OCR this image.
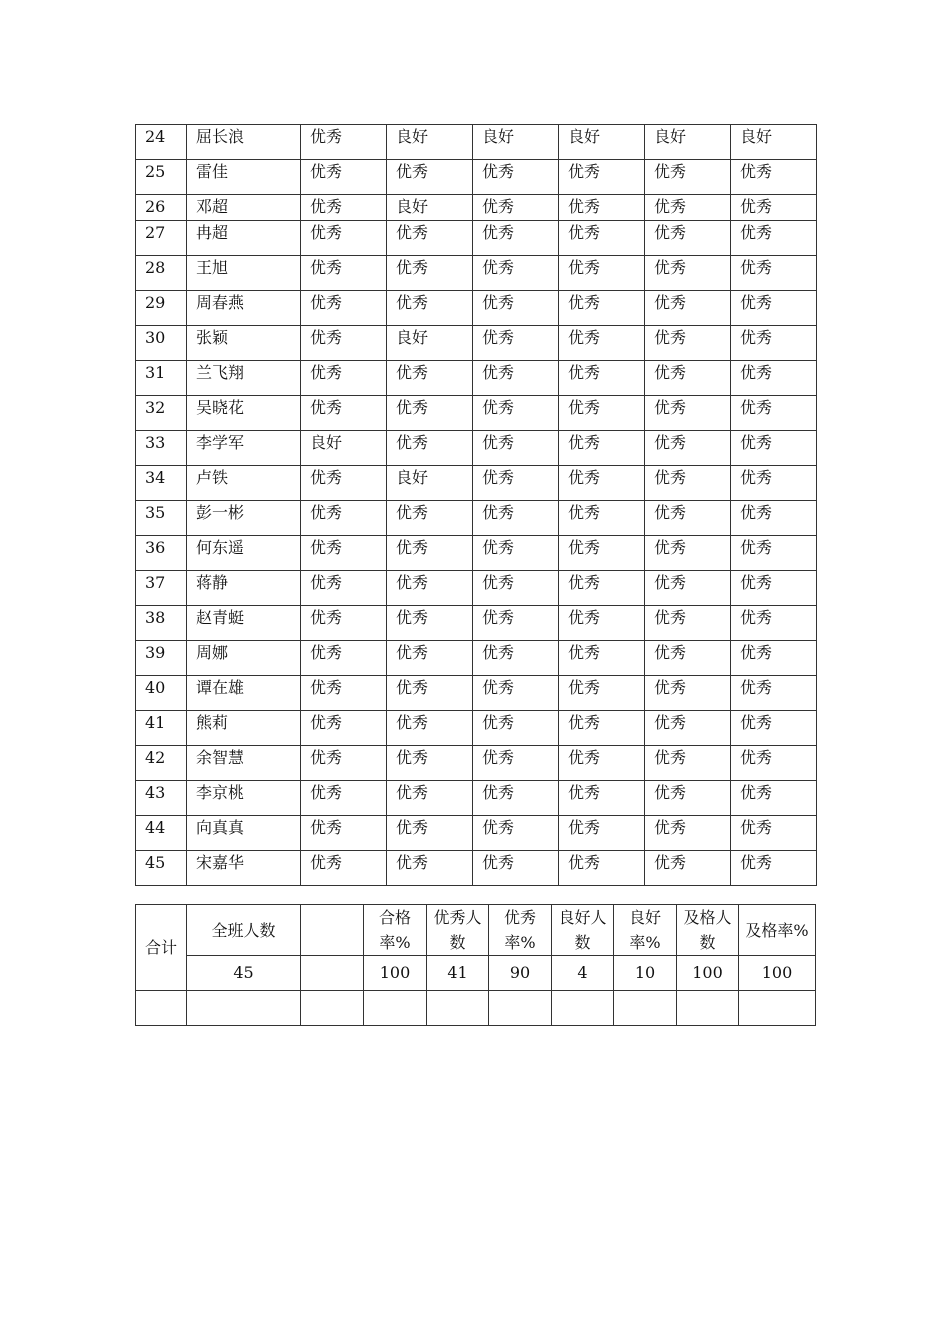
24	屈长浪	优秀	良好	良好	良好	良好	良好
25	雷佳	优秀	优秀	优秀	优秀	优秀	优秀
26	邓超	优秀	良好	优秀	优秀	优秀	优秀
27	冉超	优秀	优秀	优秀	优秀	优秀	优秀
28	王旭	优秀	优秀	优秀	优秀	优秀	优秀
29	周春燕	优秀	优秀	优秀	优秀	优秀	优秀
30	张颖	优秀	良好	优秀	优秀	优秀	优秀
31	兰飞翔	优秀	优秀	优秀	优秀	优秀	优秀
32	吴晓花	优秀	优秀	优秀	优秀	优秀	优秀
33	李学军	良好	优秀	优秀	优秀	优秀	优秀
34	卢铁	优秀	良好	优秀	优秀	优秀	优秀
35	彭一彬	优秀	优秀	优秀	优秀	优秀	优秀
36	何东遥	优秀	优秀	优秀	优秀	优秀	优秀
37	蒋静	优秀	优秀	优秀	优秀	优秀	优秀
38	赵青蜓	优秀	优秀	优秀	优秀	优秀	优秀
39	周娜	优秀	优秀	优秀	优秀	优秀	优秀
40	谭在雄	优秀	优秀	优秀	优秀	优秀	优秀
41	熊莉	优秀	优秀	优秀	优秀	优秀	优秀
42	余智慧	优秀	优秀	优秀	优秀	优秀	优秀
43	李京桃	优秀	优秀	优秀	优秀	优秀	优秀
44	向真真	优秀	优秀	优秀	优秀	优秀	优秀
45	宋嘉华	优秀	优秀	优秀	优秀	优秀	优秀
合计	全班人数		合格率%	优秀人数	优秀率%	良好人数	良好率%	及格人数	及格率%
	45		100	41	90	4	10	100	100
